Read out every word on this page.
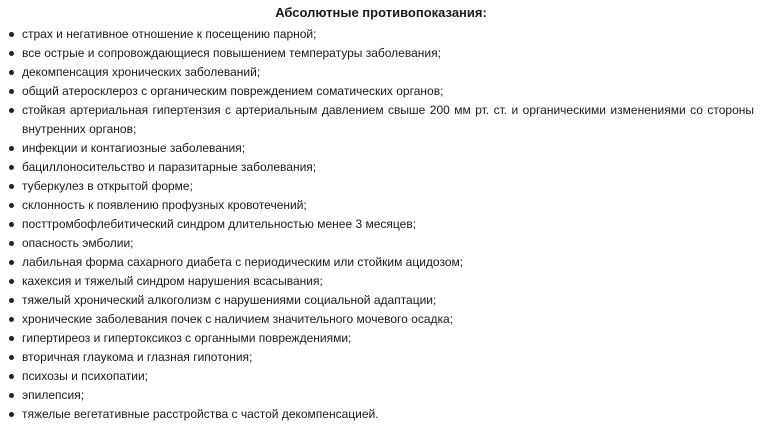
Абсолютные противопоказания:
страх и негативное отношение к посещению парной;
все острые и сопровождающиеся повышением температуры заболевания;
декомпенсация хронических заболеваний;
общий атеросклероз с органическим повреждением соматических органов;
стойкая артериальная гипертензия с артериальным давлением свыше 200 мм рт. ст. и органическими изменениями со стороны внутренних органов;
инфекции и контагиозные заболевания;
бациллоносительство и паразитарные заболевания;
туберкулез в открытой форме;
склонность к появлению профузных кровотечений;
посттромбофлебитический синдром длительностью менее 3 месяцев;
опасность эмболии;
лабильная форма сахарного диабета с периодическим или стойким ацидозом;
кахексия и тяжелый синдром нарушения всасывания;
тяжелый хронический алкоголизм с нарушениями социальной адаптации;
хронические заболевания почек с наличием значительного мочевого осадка;
гипертиреоз и гипертоксикоз с органными повреждениями;
вторичная глаукома и глазная гипотония;
психозы и психопатии;
эпилепсия;
тяжелые вегетативные расстройства с частой декомпенсацией.
